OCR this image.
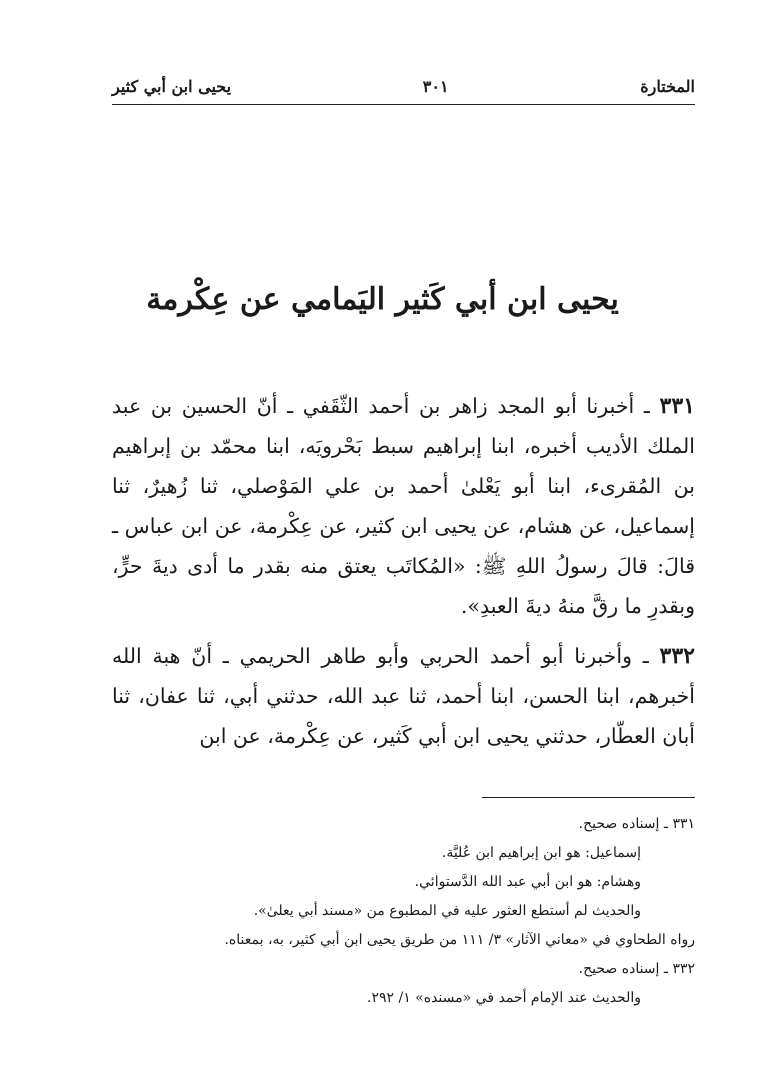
المختارة
٣٠١
يحيى ابن أبي كثير
يحيى ابن أبي كَثير اليَمامي عن عِكْرمة

٣٣١ ـ أخبرنا أبو المجد زاهر بن أحمد الثّقَفي ـ أنّ الحسين بن عبد الملك الأديب أخبره، ابنا إبراهيم سبط بَحْرويَه، ابنا محمّد بن إبراهيم بن المُقرىء، ابنا أبو يَعْلىٰ أحمد بن علي المَوْصلي، ثنا زُهيرٌ، ثنا إسماعيل، عن هشام، عن يحيى ابن كثير، عن عِكْرمة، عن ابن عباس ـ قالَ: قالَ رسولُ اللهِ ﷺ: «المُكاتَب يعتق منه بقدر ما أدى ديةَ حرٍّ، وبقدرِ ما رقَّ منهُ ديةَ العبدِ».

٣٣٢ ـ وأخبرنا أبو أحمد الحربي وأبو طاهر الحريمي ـ أنّ هبة الله أخبرهم، ابنا الحسن، ابنا أحمد، ثنا عبد الله، حدثني أبي، ثنا عفان، ثنا أبان العطّار، حدثني يحيى ابن أبي كَثير، عن عِكْرمة، عن ابن

٣٣١ ـ إسناده صحيح.
إسماعيل: هو ابن إبراهيم ابن عُليَّة.
وهشام: هو ابن أبي عبد الله الدَّستوائي.
والحديث لم أستطع العثور عليه في المطبوع من «مسند أبي يعلىٰ».
رواه الطحاوي في «معاني الآثار» ٣/ ١١١ من طريق يحيى ابن أبي كثير، به، بمعناه.
٣٣٢ ـ إسناده صحيح.
والحديث عند الإمام أحمد في «مسنده» ١/ ٢٩٢.
